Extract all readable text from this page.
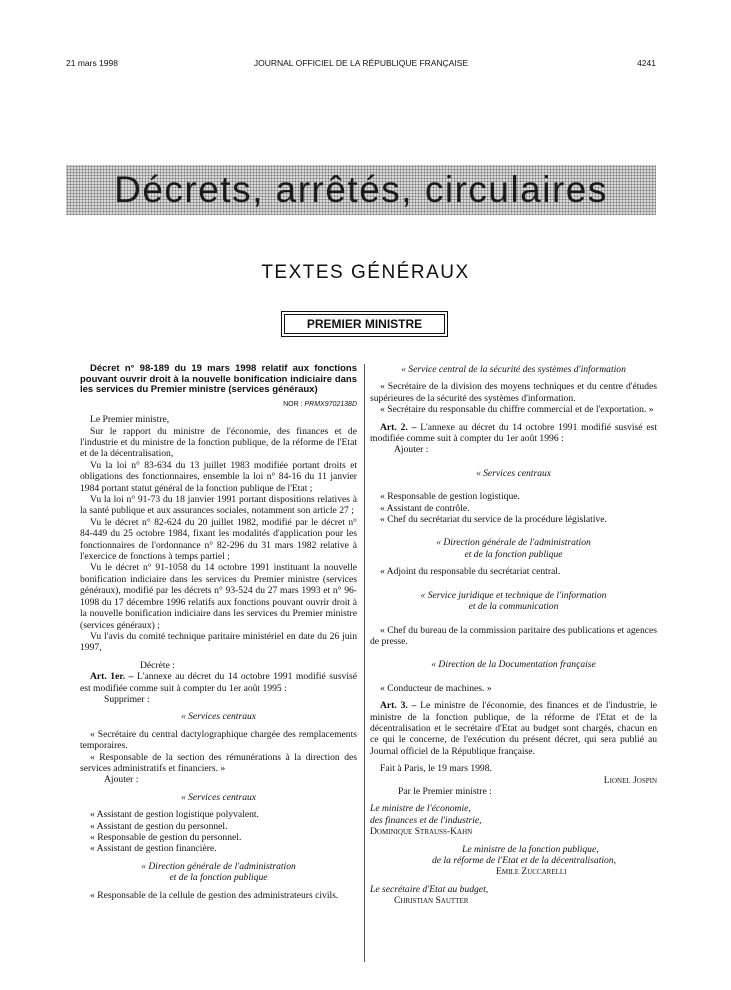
21 mars 1998	JOURNAL OFFICIEL DE LA RÉPUBLIQUE FRANÇAISE	4241
Décrets, arrêtés, circulaires
TEXTES GÉNÉRAUX
PREMIER MINISTRE

Décret n° 98-189 du 19 mars 1998 relatif aux fonctions pouvant ouvrir droit à la nouvelle bonification indiciaire dans les services du Premier ministre (services généraux)

NOR : PRMX9702138D

Le Premier ministre,

Sur le rapport du ministre de l'économie, des finances et de l'industrie et du ministre de la fonction publique, de la réforme de l'Etat et de la décentralisation,

Vu la loi n° 83-634 du 13 juillet 1983 modifiée portant droits et obligations des fonctionnaires, ensemble la loi n° 84-16 du 11 janvier 1984 portant statut général de la fonction publique de l'Etat ;

Vu la loi n° 91-73 du 18 janvier 1991 portant dispositions relatives à la santé publique et aux assurances sociales, notamment son article 27 ;

Vu le décret n° 82-624 du 20 juillet 1982, modifié par le décret n° 84-449 du 25 octobre 1984, fixant les modalités d'application pour les fonctionnaires de l'ordonnance n° 82-296 du 31 mars 1982 relative à l'exercice de fonctions à temps partiel ;

Vu le décret n° 91-1058 du 14 octobre 1991 instituant la nouvelle bonification indiciaire dans les services du Premier ministre (services généraux), modifié par les décrets n° 93-524 du 27 mars 1993 et n° 96-1098 du 17 décembre 1996 relatifs aux fonctions pouvant ouvrir droit à la nouvelle bonification indiciaire dans les services du Premier ministre (services généraux) ;

Vu l'avis du comité technique paritaire ministériel en date du 26 juin 1997,

Décrète :

Art. 1er. – L'annexe au décret du 14 octobre 1991 modifié susvisé est modifiée comme suit à compter du 1er août 1995 :

Supprimer :

« Services centraux

« Secrétaire du central dactylographique chargée des remplacements temporaires.

« Responsable de la section des rémunérations à la direction des services administratifs et financiers. »

Ajouter :

« Services centraux

« Assistant de gestion logistique polyvalent.

« Assistant de gestion du personnel.

« Responsable de gestion du personnel.

« Assistant de gestion financière.

« Direction générale de l'administration

et de la fonction publique

« Responsable de la cellule de gestion des administrateurs civils.

« Service central de la sécurité des systèmes d'information

« Secrétaire de la division des moyens techniques et du centre d'études supérieures de la sécurité des systèmes d'information.

« Secrétaire du responsable du chiffre commercial et de l'exportation. »

Art. 2. – L'annexe au décret du 14 octobre 1991 modifié susvisé est modifiée comme suit à compter du 1er août 1996 :

Ajouter :

« Services centraux

« Responsable de gestion logistique.

« Assistant de contrôle.

« Chef du secrétariat du service de la procédure législative.

« Direction générale de l'administration

et de la fonction publique

« Adjoint du responsable du secrétariat central.

« Service juridique et technique de l'information

et de la communication

« Chef du bureau de la commission paritaire des publications et agences de presse.

« Direction de la Documentation française

« Conducteur de machines. »

Art. 3. – Le ministre de l'économie, des finances et de l'industrie, le ministre de la fonction publique, de la réforme de l'Etat et de la décentralisation et le secrétaire d'Etat au budget sont chargés, chacun en ce qui le concerne, de l'exécution du présent décret, qui sera publié au Journal officiel de la République française.

Fait à Paris, le 19 mars 1998.

Lionel Jospin

Par le Premier ministre :

Le ministre de l'économie,

des finances et de l'industrie,

Dominique Strauss-Kahn

Le ministre de la fonction publique,

de la réforme de l'Etat et de la décentralisation,

Emile Zuccarelli

Le secrétaire d'Etat au budget,

Christian Sautter
